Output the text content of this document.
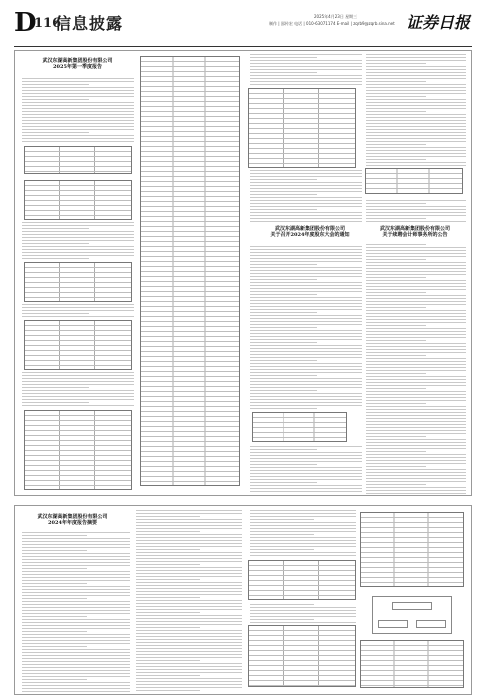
D
116
信息披露	2025年4月23日 星期三
制作 | 邵传宏 电话 | 010-63071174 E-mail | zqrb9@zqrb.sina.net 证券日报
武汉东湖高新集团股份有限公司
2025年第一季度报告
武汉东湖高新集团股份有限公司
关于召开2024年度股东大会的通知
武汉东湖高新集团股份有限公司
关于续聘会计师事务所的公告
武汉东湖高新集团股份有限公司
2024年年度报告摘要
